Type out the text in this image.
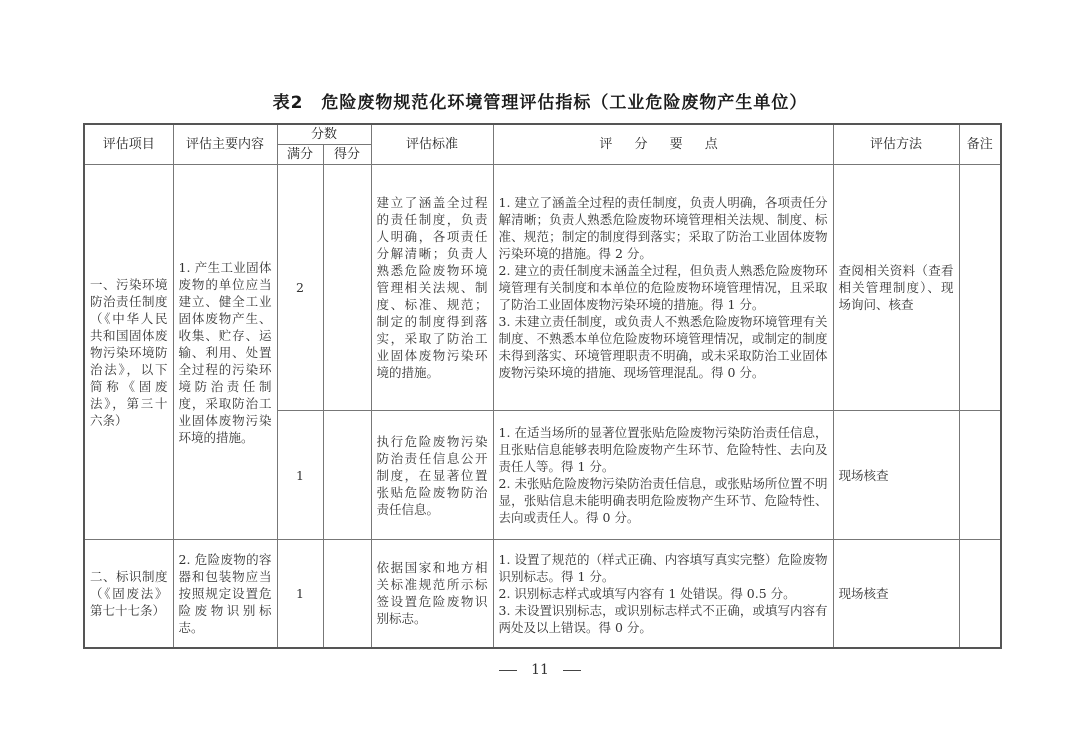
表2　危险废物规范化环境管理评估指标（工业危险废物产生单位）
评估项目	评估主要内容	分数		评估标准	评 分 要 点	评估方法	备注
		满分	得分				
一、污染环境防治责任制度（《中华人民共和国固体废物污染环境防治法》，以下简称《固废法》，第三十六条）	1. 产生工业固体废物的单位应当建立、健全工业固体废物产生、收集、贮存、运输、利用、处置全过程的污染环境防治责任制度，采取防治工业固体废物污染环境的措施。	2		建立了涵盖全过程的责任制度，负责人明确，各项责任分解清晰；负责人熟悉危险废物环境管理相关法规、制度、标准、规范；制定的制度得到落实，采取了防治工业固体废物污染环境的措施。	1. 建立了涵盖全过程的责任制度，负责人明确，各项责任分解清晰；负责人熟悉危险废物环境管理相关法规、制度、标准、规范；制定的制度得到落实；采取了防治工业固体废物污染环境的措施。得 2 分。
2. 建立的责任制度未涵盖全过程，但负责人熟悉危险废物环境管理有关制度和本单位的危险废物环境管理情况，且采取了防治工业固体废物污染环境的措施。得 1 分。
3. 未建立责任制度，或负责人不熟悉危险废物环境管理有关制度、不熟悉本单位危险废物环境管理情况，或制定的制度未得到落实、环境管理职责不明确，或未采取防治工业固体废物污染环境的措施、现场管理混乱。得 0 分。	查阅相关资料（查看相关管理制度）、现场询问、核查	
		1		执行危险废物污染防治责任信息公开制度，在显著位置张贴危险废物防治责任信息。	1. 在适当场所的显著位置张贴危险废物污染防治责任信息，且张贴信息能够表明危险废物产生环节、危险特性、去向及责任人等。得 1 分。
2. 未张贴危险废物污染防治责任信息，或张贴场所位置不明显，张贴信息未能明确表明危险废物产生环节、危险特性、去向或责任人。得 0 分。	现场核查	
二、标识制度（《固废法》第七十七条）	2. 危险废物的容器和包装物应当按照规定设置危险废物识别标志。	1		依据国家和地方相关标准规范所示标签设置危险废物识别标志。	1. 设置了规范的（样式正确、内容填写真实完整）危险废物识别标志。得 1 分。
2. 识别标志样式或填写内容有 1 处错误。得 0.5 分。
3. 未设置识别标志，或识别标志样式不正确，或填写内容有两处及以上错误。得 0 分。	现场核查	
11
